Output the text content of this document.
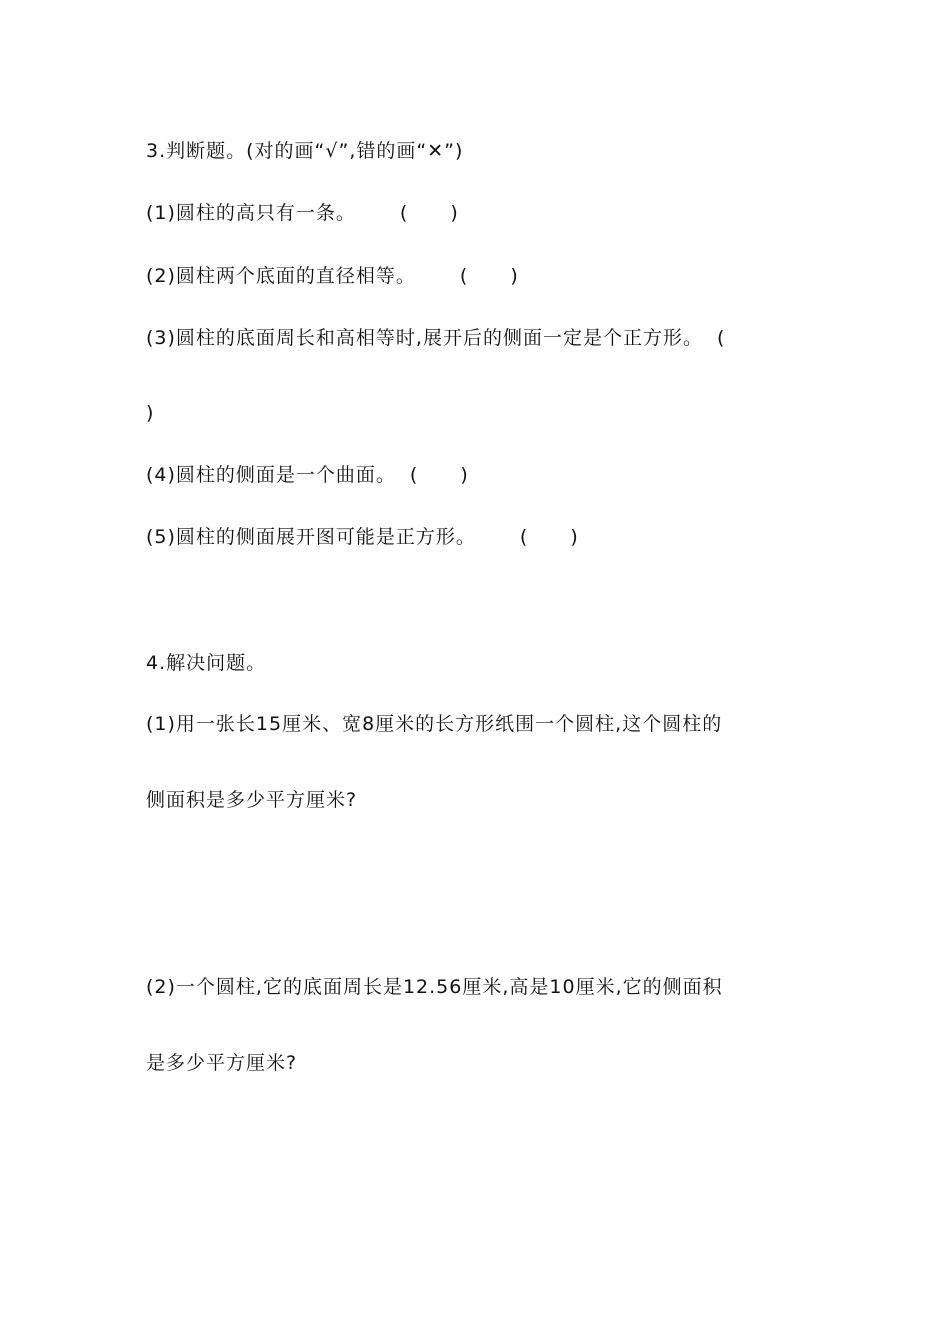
3.判断题。(对的画“√”,错的画“✕”)
(1)圆柱的高只有一条。 ( )
(2)圆柱两个底面的直径相等。 ( )
(3)圆柱的底面周长和高相等时,展开后的侧面一定是个正方形。 (
)
(4)圆柱的侧面是一个曲面。 ( )
(5)圆柱的侧面展开图可能是正方形。 ( )
4.解决问题。
(1)用一张长15厘米、宽8厘米的长方形纸围一个圆柱,这个圆柱的
侧面积是多少平方厘米?
(2)一个圆柱,它的底面周长是12.56厘米,高是10厘米,它的侧面积
是多少平方厘米?
